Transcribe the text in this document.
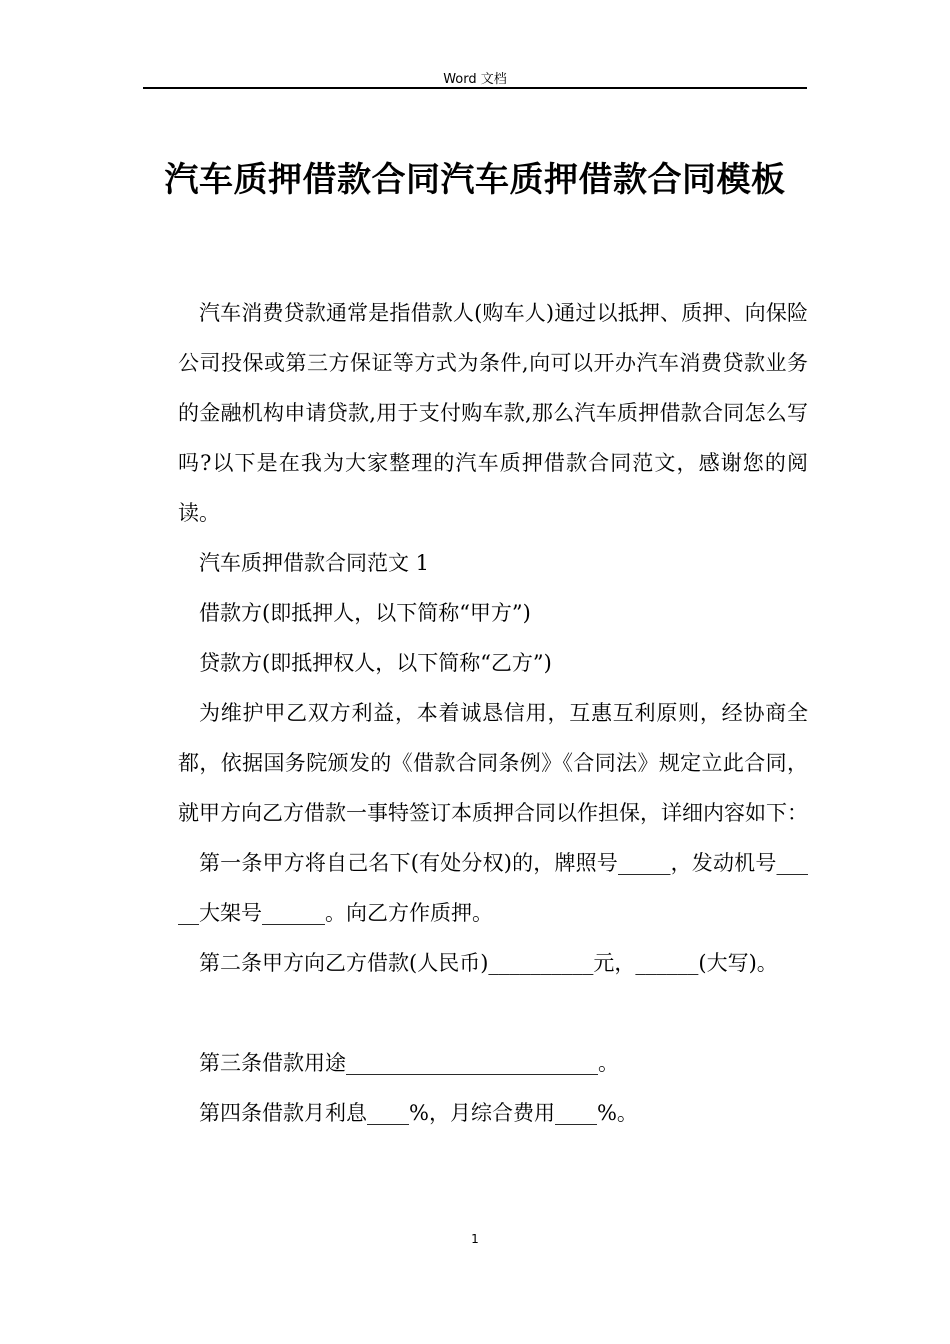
Word 文档
汽车质押借款合同汽车质押借款合同模板

汽车消费贷款通常是指借款人(购车人)通过以抵押、质押、向保险公司投保或第三方保证等方式为条件,向可以开办汽车消费贷款业务的金融机构申请贷款,用于支付购车款,那么汽车质押借款合同怎么写吗?以下是在我为大家整理的汽车质押借款合同范文，感谢您的阅读。

汽车质押借款合同范文 1

借款方(即抵押人，以下简称“甲方”)

贷款方(即抵押权人，以下简称“乙方”)

为维护甲乙双方利益，本着诚恳信用，互惠互利原则，经协商全都，依据国务院颁发的《借款合同条例》《合同法》规定立此合同，就甲方向乙方借款一事特签订本质押合同以作担保，详细内容如下：

第一条甲方将自己名下(有处分权)的，牌照号_____，发动机号_____大架号______。向乙方作质押。

第二条甲方向乙方借款(人民币)__________元，______(大写)。

第三条借款用途________________________。

第四条借款月利息____%，月综合费用____%。

1
